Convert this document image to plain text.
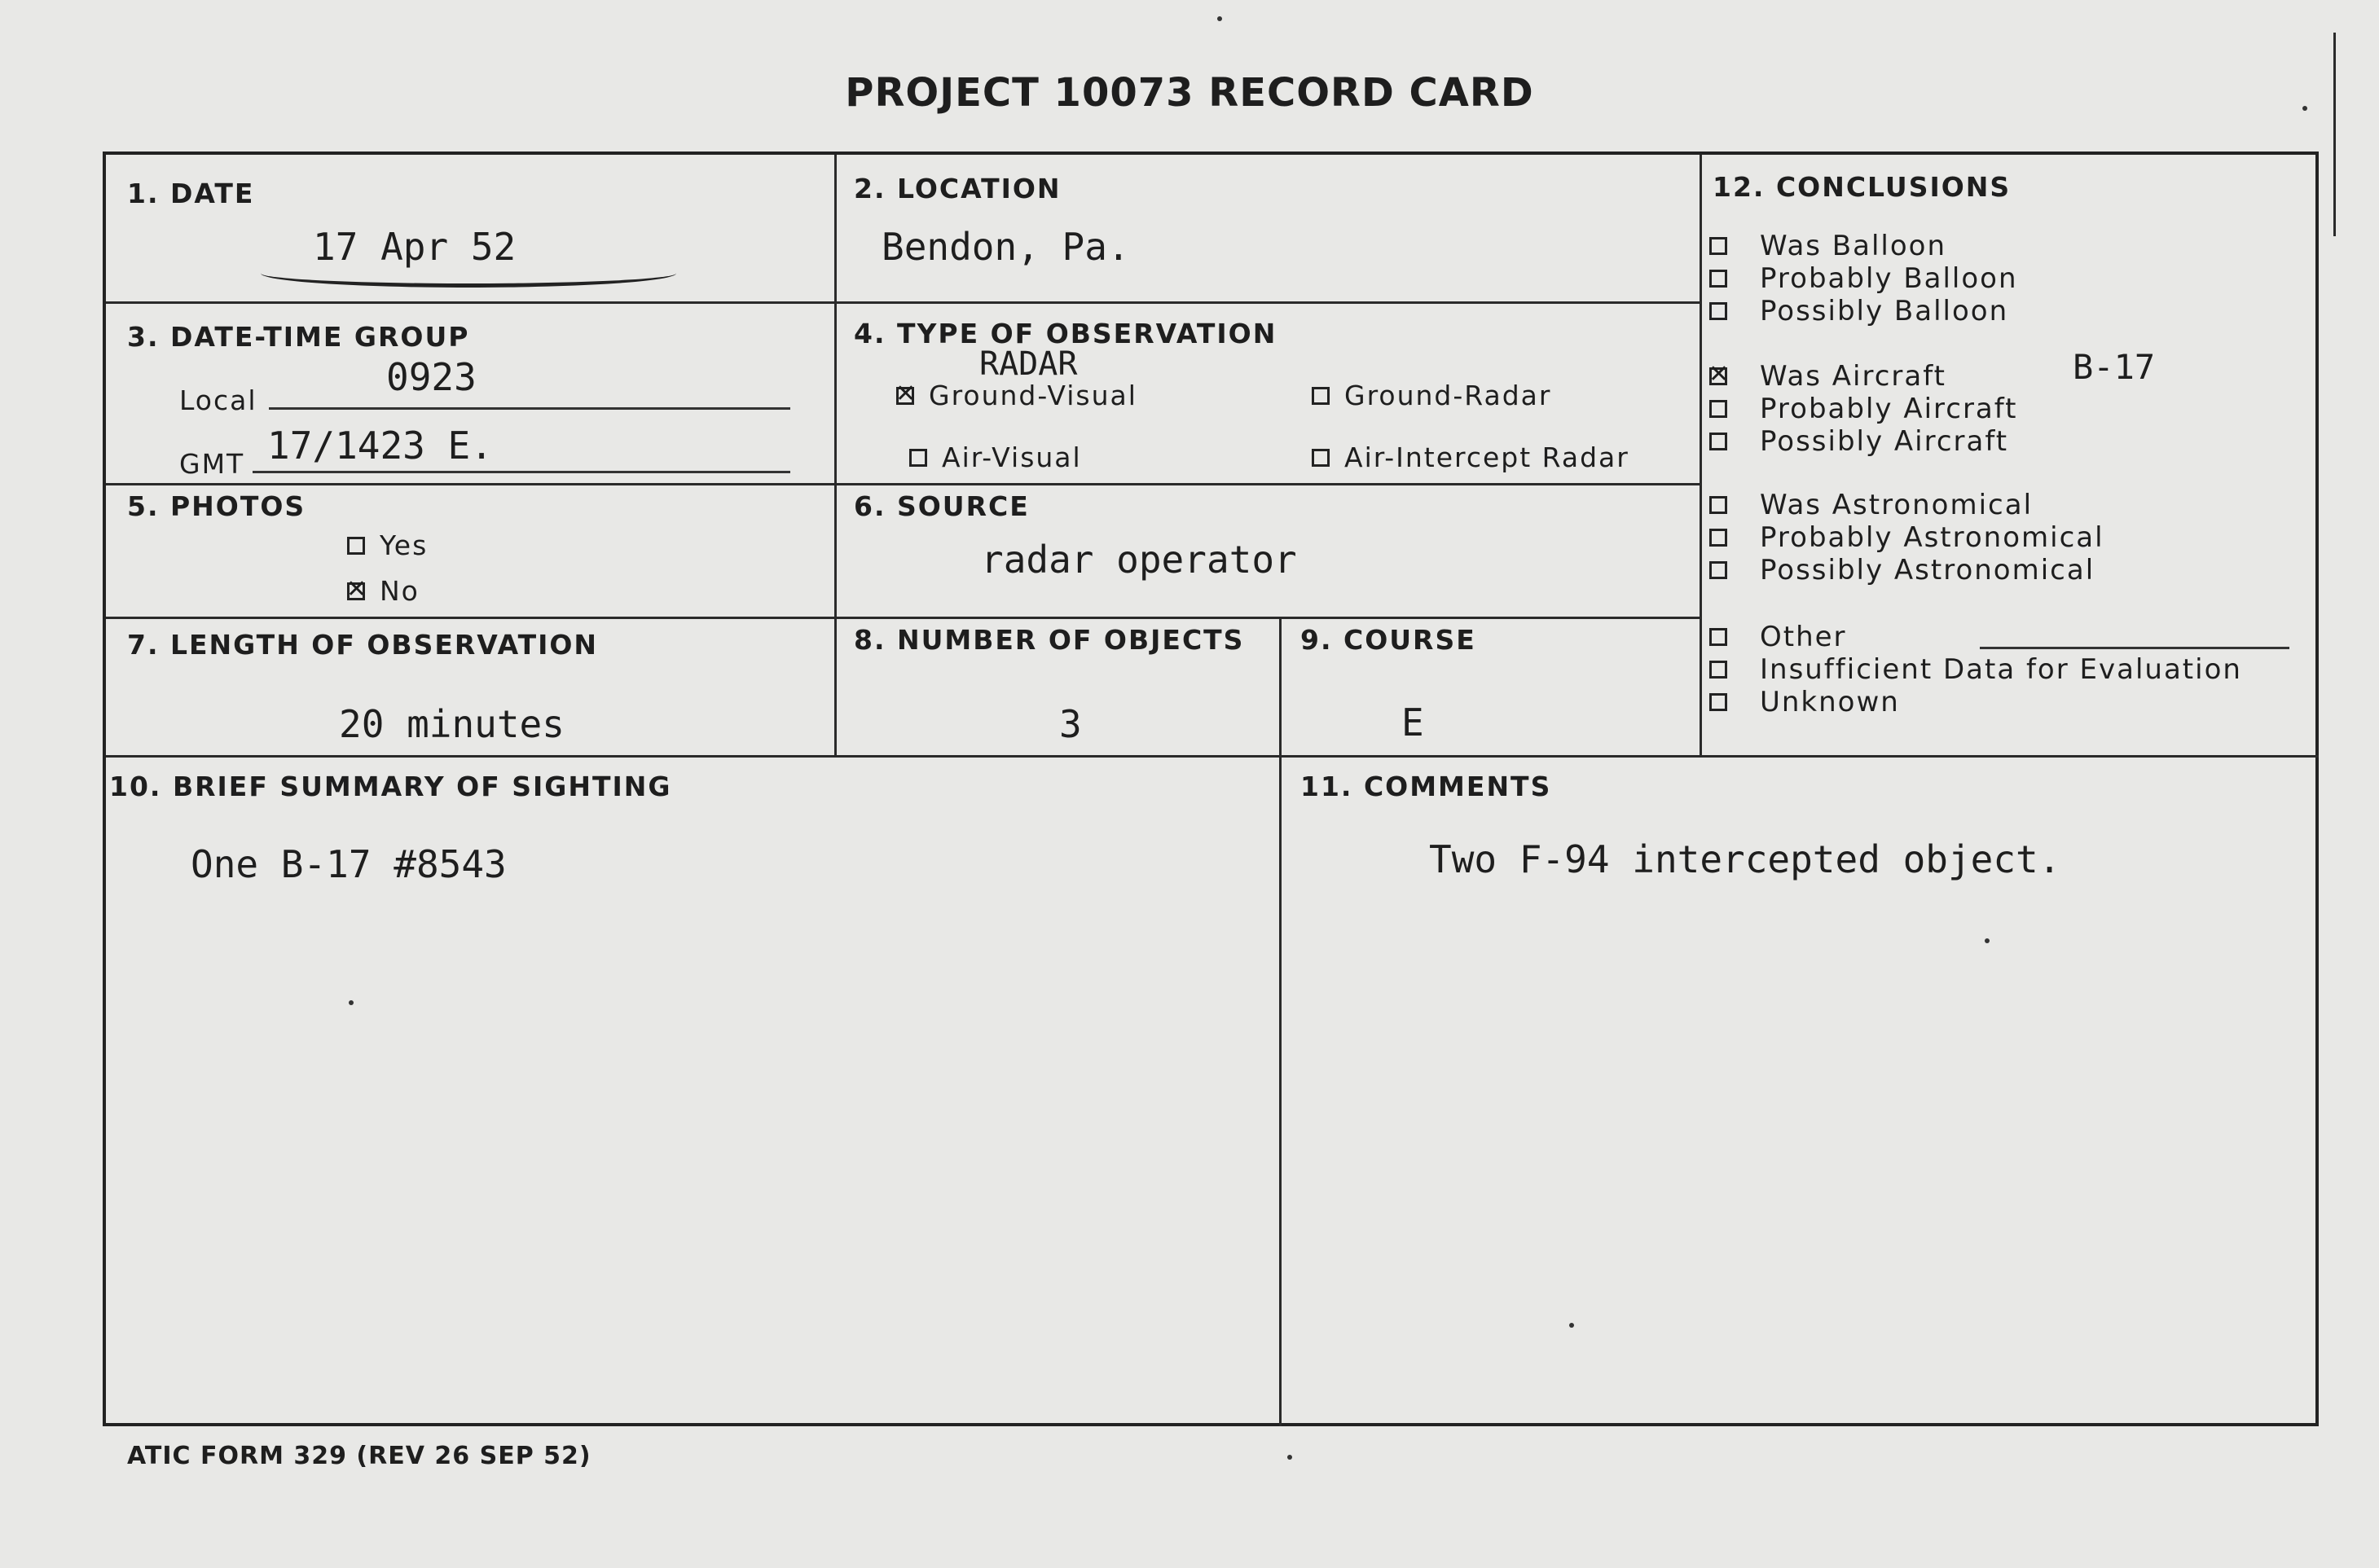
PROJECT 10073 RECORD CARD
1. DATE
17 Apr 52
2. LOCATION
Bendon, Pa.
3. DATE-TIME GROUP
Local
0923
GMT 17/1423 E.
4. TYPE OF OBSERVATION
RADAR
✕Ground-Visual	Ground-Radar
Air-Visual	Air-Intercept Radar
5. PHOTOS
Yes
✕No
6. SOURCE
radar operator
7. LENGTH OF OBSERVATION
20 minutes
8. NUMBER OF OBJECTS
3
9. COURSE
E
10. BRIEF SUMMARY OF SIGHTING
One B-17 #8543
11. COMMENTS
Two F-94 intercepted object.
12. CONCLUSIONS
B-17
Was Balloon
Probably Balloon
Possibly Balloon
✕Was Aircraft
Probably Aircraft
Possibly Aircraft
Was Astronomical
Probably Astronomical
Possibly Astronomical
Other
Insufficient Data for Evaluation
Unknown
ATIC FORM 329 (REV 26 SEP 52)
